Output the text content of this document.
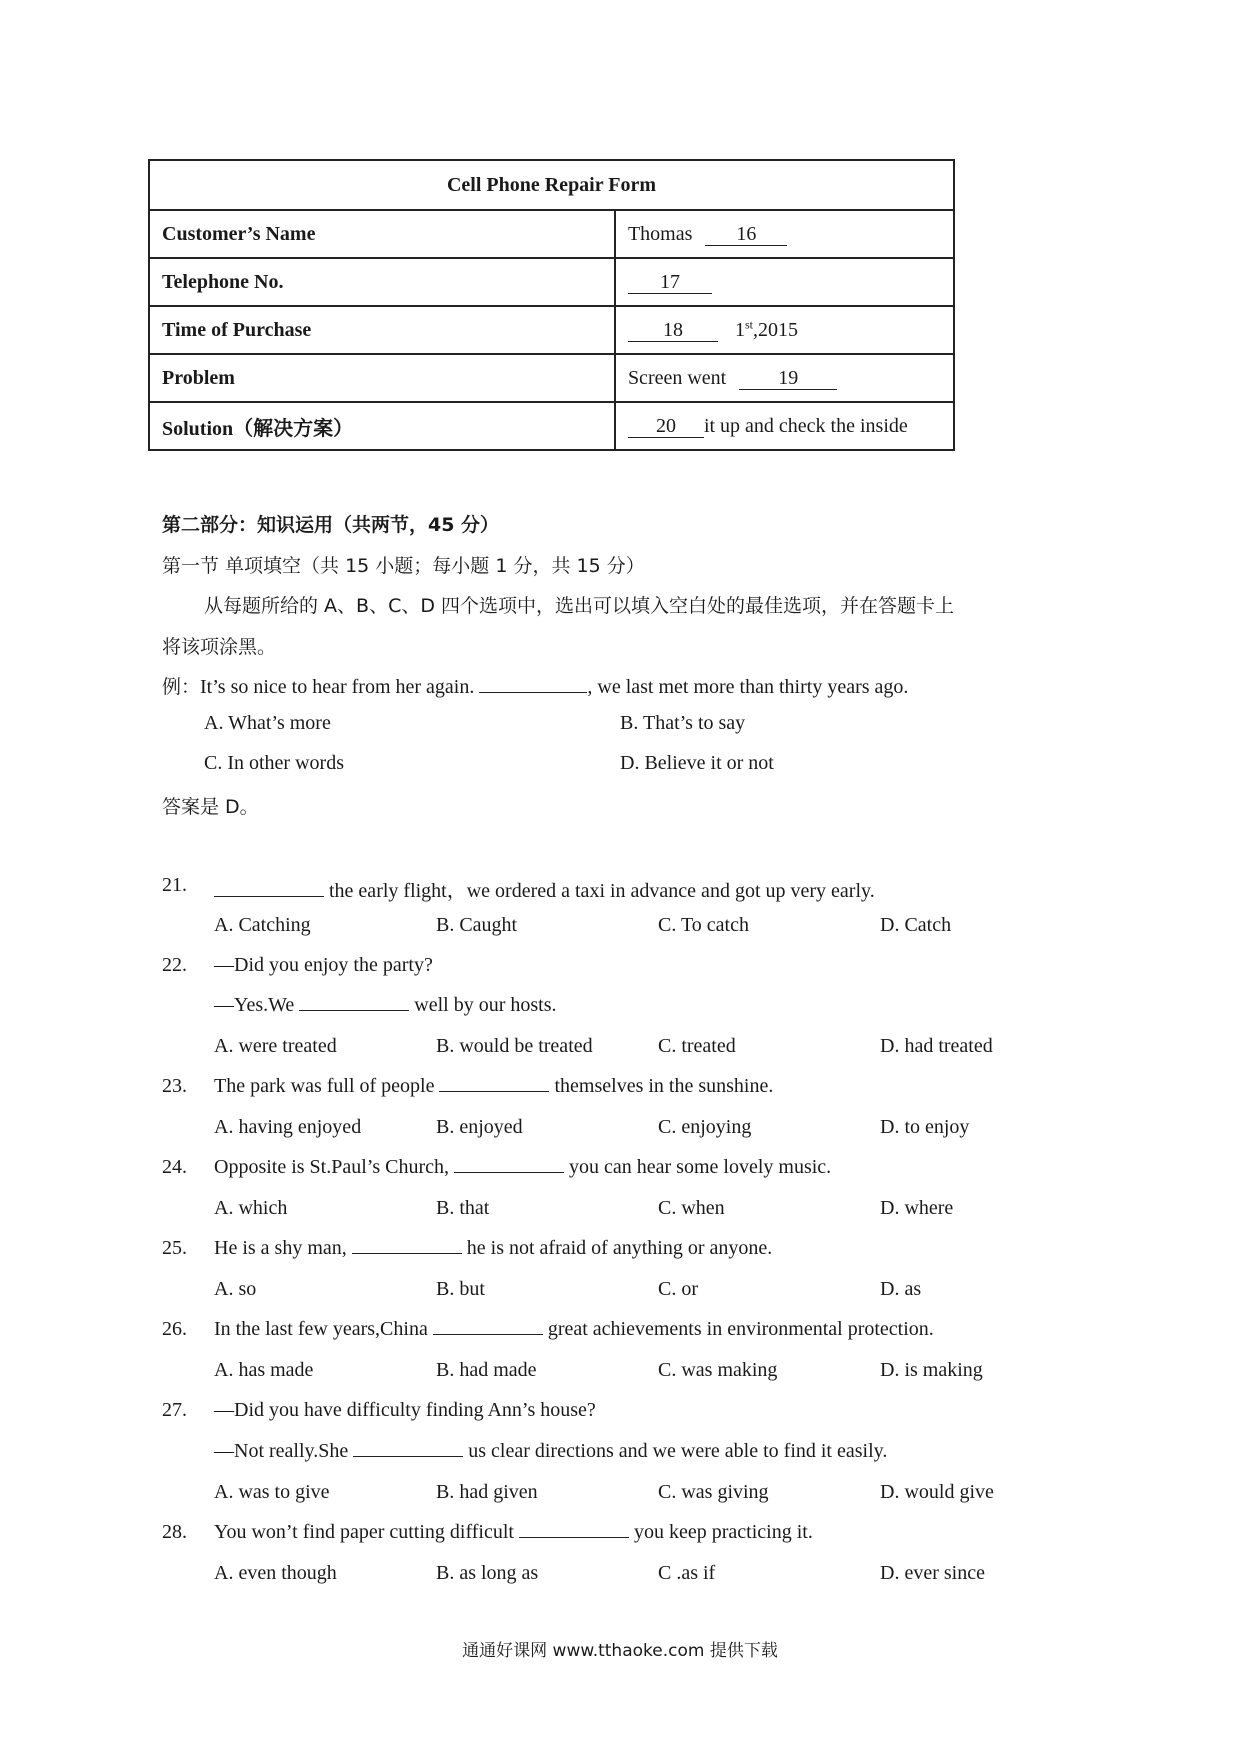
Cell Phone Repair Form	
Customer’s Name	Thomas 16
Telephone No.	17
Time of Purchase	18 1st,2015
Problem	Screen went 19
Solution（解决方案）	20 it up and check the inside
第二部分：知识运用（共两节，45 分）
第一节 单项填空（共 15 小题；每小题 1 分，共 15 分）
从每题所给的 A、B、C、D 四个选项中，选出可以填入空白处的最佳选项，并在答题卡上
将该项涂黑。
例：It’s so nice to hear from her again.	, we last met more than thirty years ago.
A. What’s more	B. That’s to say
C. In other words	D. Believe it or not
答案是 D。
21.	the early flight，we ordered a taxi in advance and got up very early.
A. Catching	B. Caught	C. To catch	D. Catch
22. —Did you enjoy the party?
—Yes.We	well by our hosts.
A. were treated	B. would be treated	C. treated	D. had treated
23. The park was full of people	themselves in the sunshine.
A. having enjoyed	B. enjoyed	C. enjoying	D. to enjoy
24. Opposite is St.Paul’s Church,	you can hear some lovely music.
A. which	B. that	C. when	D. where
25. He is a shy man,	he is not afraid of anything or anyone.
A. so	B. but	C. or	D. as
26. In the last few years,China	great achievements in environmental protection.
A. has made	B. had made	C. was making	D. is making
27. —Did you have difficulty finding Ann’s house?
—Not really.She	us clear directions and we were able to find it easily.
A. was to give	B. had given	C. was giving	D. would give
28. You won’t find paper cutting difficult	you keep practicing it.
A. even though	B. as long as	C .as if	D. ever since
通通好课网 www.tthaoke.com 提供下载
